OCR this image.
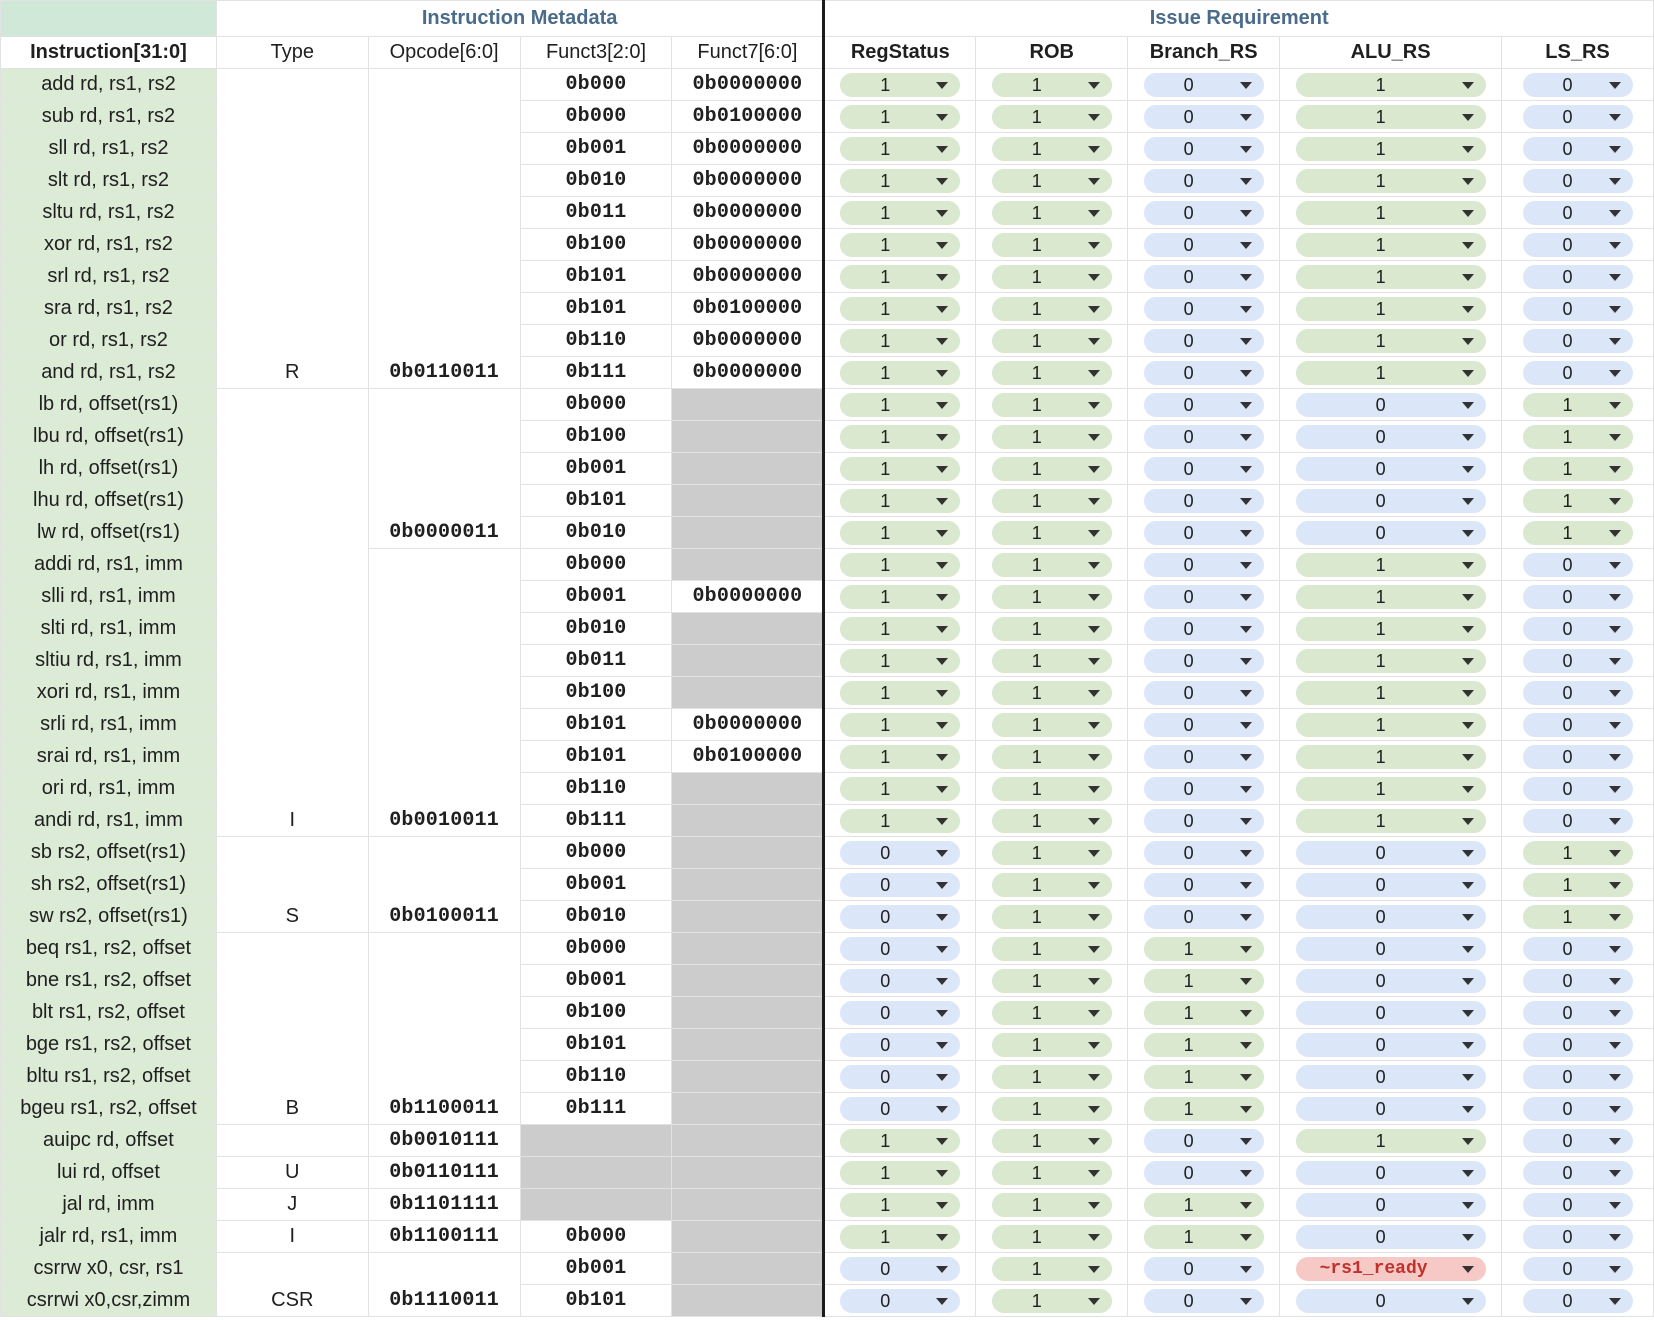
	Instruction Metadata				Issue Requirement				
Instruction[31:0]	Type	Opcode[6:0]	Funct3[2:0]	Funct7[6:0]	RegStatus	ROB	Branch_RS	ALU_RS	LS_RS
add rd, rs1, rs2			0b000	0b0000000	1	1	0	1	0

sub rd, rs1, rs2			0b000	0b0100000	1	1	0	1	0

sll rd, rs1, rs2			0b001	0b0000000	1	1	0	1	0

slt rd, rs1, rs2			0b010	0b0000000	1	1	0	1	0

sltu rd, rs1, rs2			0b011	0b0000000	1	1	0	1	0

xor rd, rs1, rs2			0b100	0b0000000	1	1	0	1	0

srl rd, rs1, rs2			0b101	0b0000000	1	1	0	1	0

sra rd, rs1, rs2			0b101	0b0100000	1	1	0	1	0

or rd, rs1, rs2			0b110	0b0000000	1	1	0	1	0

and rd, rs1, rs2	R	0b0110011	0b111	0b0000000	1	1	0	1	0

lb rd, offset(rs1)			0b000		1	1	0	0	1

lbu rd, offset(rs1)			0b100		1	1	0	0	1

lh rd, offset(rs1)			0b001		1	1	0	0	1

lhu rd, offset(rs1)			0b101		1	1	0	0	1

lw rd, offset(rs1)		0b0000011	0b010		1	1	0	0	1

addi rd, rs1, imm			0b000		1	1	0	1	0

slli rd, rs1, imm			0b001	0b0000000	1	1	0	1	0

slti rd, rs1, imm			0b010		1	1	0	1	0

sltiu rd, rs1, imm			0b011		1	1	0	1	0

xori rd, rs1, imm			0b100		1	1	0	1	0

srli rd, rs1, imm			0b101	0b0000000	1	1	0	1	0

srai rd, rs1, imm			0b101	0b0100000	1	1	0	1	0

ori rd, rs1, imm			0b110		1	1	0	1	0

andi rd, rs1, imm	I	0b0010011	0b111		1	1	0	1	0

sb rs2, offset(rs1)			0b000		0	1	0	0	1

sh rs2, offset(rs1)			0b001		0	1	0	0	1

sw rs2, offset(rs1)	S	0b0100011	0b010		0	1	0	0	1

beq rs1, rs2, offset			0b000		0	1	1	0	0

bne rs1, rs2, offset			0b001		0	1	1	0	0

blt rs1, rs2, offset			0b100		0	1	1	0	0

bge rs1, rs2, offset			0b101		0	1	1	0	0

bltu rs1, rs2, offset			0b110		0	1	1	0	0

bgeu rs1, rs2, offset	B	0b1100011	0b111		0	1	1	0	0

auipc rd, offset		0b0010111			1	1	0	1	0

lui rd, offset	U	0b0110111			1	1	0	0	0

jal rd, imm	J	0b1101111			1	1	1	0	0

jalr rd, rs1, imm	I	0b1100111	0b000		1	1	1	0	0

csrrw x0, csr, rs1			0b001		0	1	0	~rs1_ready	0

csrrwi x0,csr,zimm	CSR	0b1110011	0b101		0	1	0	0	0
